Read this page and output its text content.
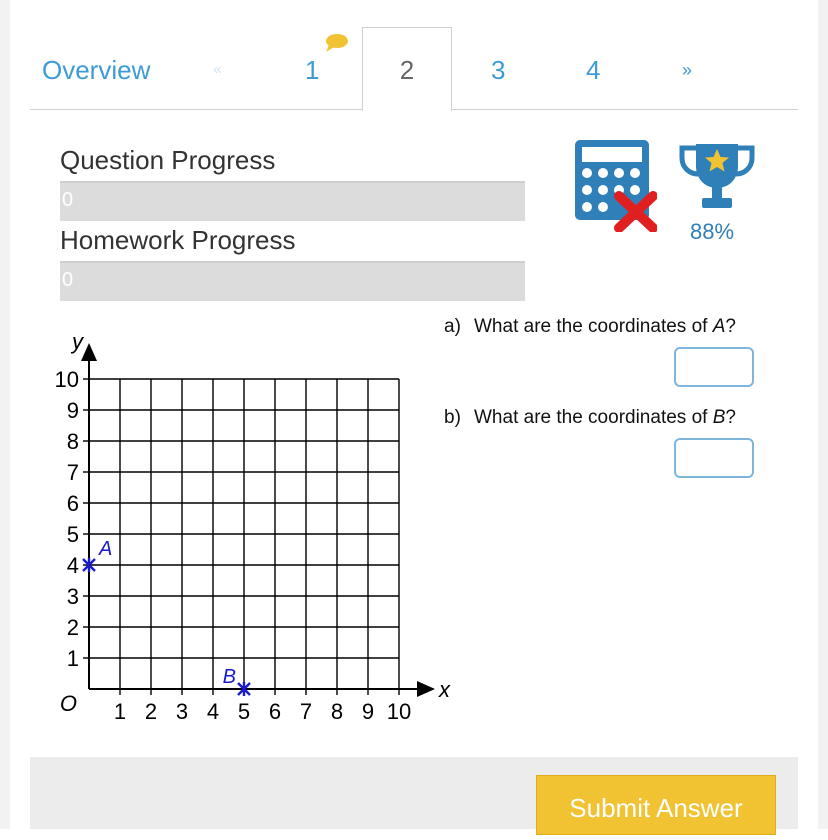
Overview	«	1	2	3	4	»
Question Progress
0
Homework Progress
0
88%
1 2 3 4 5 6 7 8 9 10
1
2
3
4
5
6
7
8
9
10
O
x
y
A
B
a) What are the coordinates of A?
b) What are the coordinates of B?
Submit Answer
